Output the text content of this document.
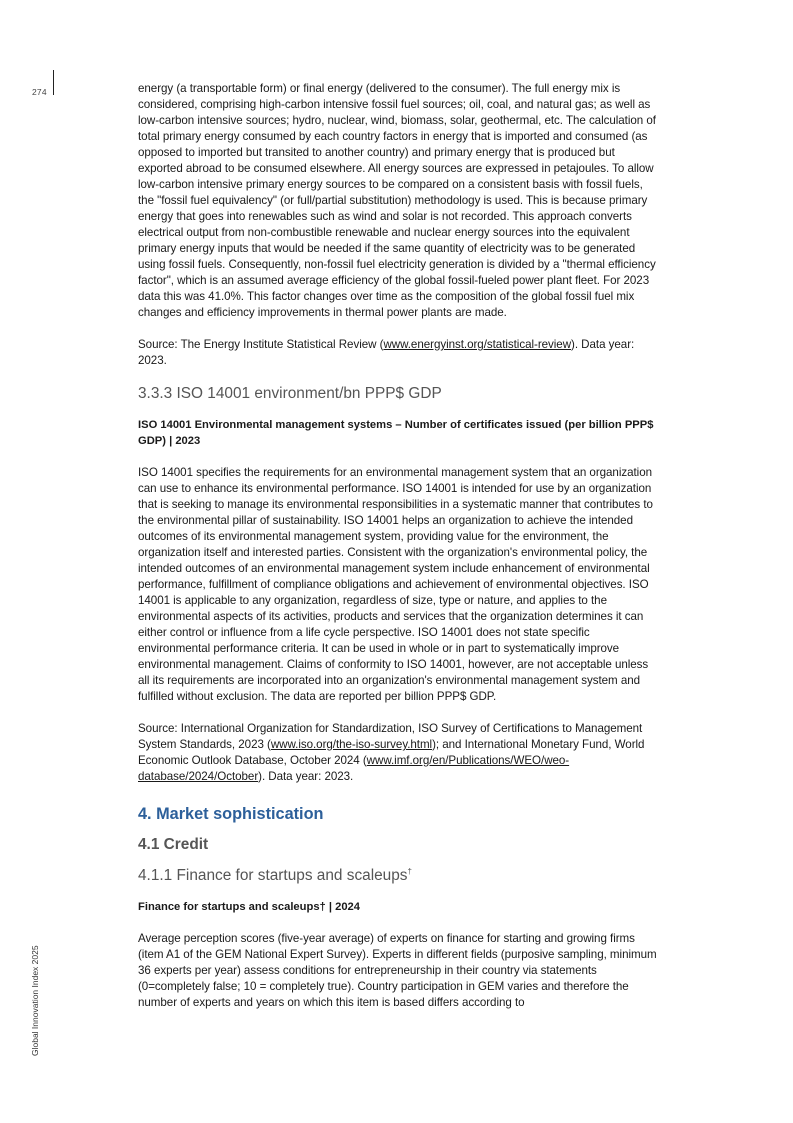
274
Global Innovation Index 2025

energy (a transportable form) or final energy (delivered to the consumer). The full energy mix is considered, comprising high-carbon intensive fossil fuel sources; oil, coal, and natural gas; as well as low-carbon intensive sources; hydro, nuclear, wind, biomass, solar, geothermal, etc. The calculation of total primary energy consumed by each country factors in energy that is imported and consumed (as opposed to imported but transited to another country) and primary energy that is produced but exported abroad to be consumed elsewhere. All energy sources are expressed in petajoules. To allow low-carbon intensive primary energy sources to be compared on a consistent basis with fossil fuels, the "fossil fuel equivalency" (or full/partial substitution) methodology is used. This is because primary energy that goes into renewables such as wind and solar is not recorded. This approach converts electrical output from non-combustible renewable and nuclear energy sources into the equivalent primary energy inputs that would be needed if the same quantity of electricity was to be generated using fossil fuels. Consequently, non-fossil fuel electricity generation is divided by a "thermal efficiency factor", which is an assumed average efficiency of the global fossil-fueled power plant fleet. For 2023 data this was 41.0%. This factor changes over time as the composition of the global fossil fuel mix changes and efficiency improvements in thermal power plants are made.

Source: The Energy Institute Statistical Review (www.energyinst.org/statistical-review). Data year: 2023.

3.3.3 ISO 14001 environment/bn PPP$ GDP

ISO 14001 Environmental management systems – Number of certificates issued (per billion PPP$ GDP) | 2023

ISO 14001 specifies the requirements for an environmental management system that an organization can use to enhance its environmental performance. ISO 14001 is intended for use by an organization that is seeking to manage its environmental responsibilities in a systematic manner that contributes to the environmental pillar of sustainability. ISO 14001 helps an organization to achieve the intended outcomes of its environmental management system, providing value for the environment, the organization itself and interested parties. Consistent with the organization's environmental policy, the intended outcomes of an environmental management system include enhancement of environmental performance, fulfillment of compliance obligations and achievement of environmental objectives. ISO 14001 is applicable to any organization, regardless of size, type or nature, and applies to the environmental aspects of its activities, products and services that the organization determines it can either control or influence from a life cycle perspective. ISO 14001 does not state specific environmental performance criteria. It can be used in whole or in part to systematically improve environmental management. Claims of conformity to ISO 14001, however, are not acceptable unless all its requirements are incorporated into an organization's environmental management system and fulfilled without exclusion. The data are reported per billion PPP$ GDP.

Source: International Organization for Standardization, ISO Survey of Certifications to Management System Standards, 2023 (www.iso.org/the-iso-survey.html); and International Monetary Fund, World Economic Outlook Database, October 2024 (www.imf.org/en/Publications/WEO/weo-database/2024/October). Data year: 2023.

4. Market sophistication
4.1 Credit
4.1.1 Finance for startups and scaleups†

Finance for startups and scaleups† | 2024

Average perception scores (five-year average) of experts on finance for starting and growing firms (item A1 of the GEM National Expert Survey). Experts in different fields (purposive sampling, minimum 36 experts per year) assess conditions for entrepreneurship in their country via statements (0=completely false; 10 = completely true). Country participation in GEM varies and therefore the number of experts and years on which this item is based differs according to
